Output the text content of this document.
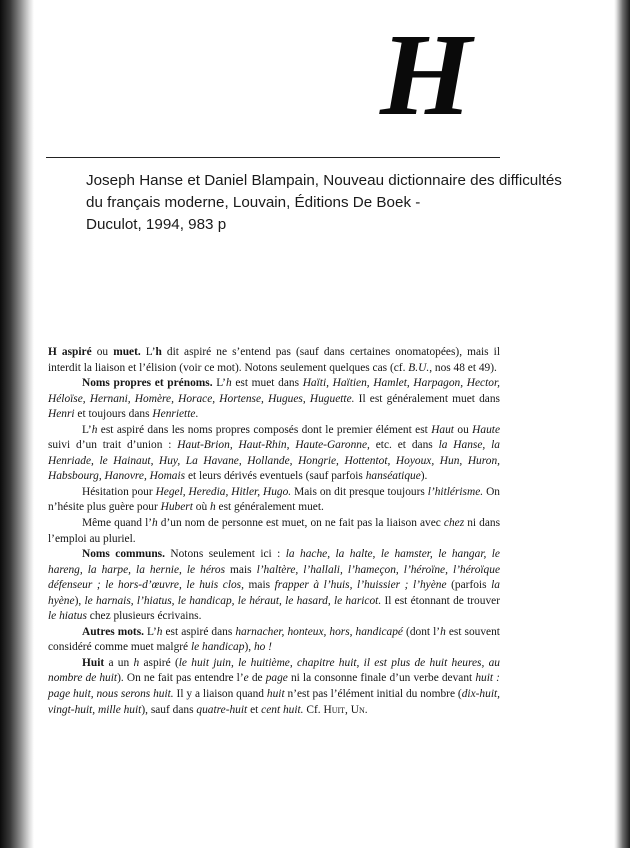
H
Joseph Hanse et Daniel Blampain, Nouveau dictionnaire des difficultés
du français moderne, Louvain, Éditions De Boek -
Duculot, 1994, 983 p

H aspiré ou muet. L’h dit aspiré ne s’entend pas (sauf dans certaines onomatopées), mais il interdit la liaison et l’élision (voir ce mot). Notons seulement quelques cas (cf. B.U., nos 48 et 49).

Noms propres et prénoms. L’h est muet dans Haïti, Haïtien, Hamlet, Harpagon, Hector, Héloïse, Hernani, Homère, Horace, Hortense, Hugues, Huguette. Il est généralement muet dans Henri et toujours dans Henriette.

L’h est aspiré dans les noms propres composés dont le premier élément est Haut ou Haute suivi d’un trait d’union : Haut-Brion, Haut-Rhin, Haute-Garonne, etc. et dans la Hanse, la Henriade, le Hainaut, Huy, La Havane, Hollande, Hongrie, Hottentot, Hoyoux, Hun, Huron, Habsbourg, Hanovre, Homais et leurs dérivés eventuels (sauf parfois hanséatique).

Hésitation pour Hegel, Heredia, Hitler, Hugo. Mais on dit presque toujours l’hitlérisme. On n’hésite plus guère pour Hubert où h est généralement muet.

Même quand l’h d’un nom de personne est muet, on ne fait pas la liaison avec chez ni dans l’emploi au pluriel.

Noms communs. Notons seulement ici : la hache, la halte, le hamster, le hangar, le hareng, la harpe, la hernie, le héros mais l’haltère, l’hallali, l’hameçon, l’héroïne, l’héroïque défenseur ; le hors-d’œuvre, le huis clos, mais frapper à l’huis, l’huissier ; l’hyène (parfois la hyène), le harnais, l’hiatus, le handicap, le héraut, le hasard, le haricot. Il est étonnant de trouver le hiatus chez plusieurs écrivains.

Autres mots. L’h est aspiré dans harnacher, honteux, hors, handicapé (dont l’h est souvent considéré comme muet malgré le handicap), ho !

Huit a un h aspiré (le huit juin, le huitième, chapitre huit, il est plus de huit heures, au nombre de huit). On ne fait pas entendre l’e de page ni la consonne finale d’un verbe devant huit : page huit, nous serons huit. Il y a liaison quand huit n’est pas l’élément initial du nombre (dix-huit, vingt-huit, mille huit), sauf dans quatre-huit et cent huit. Cf. Huit, Un.
